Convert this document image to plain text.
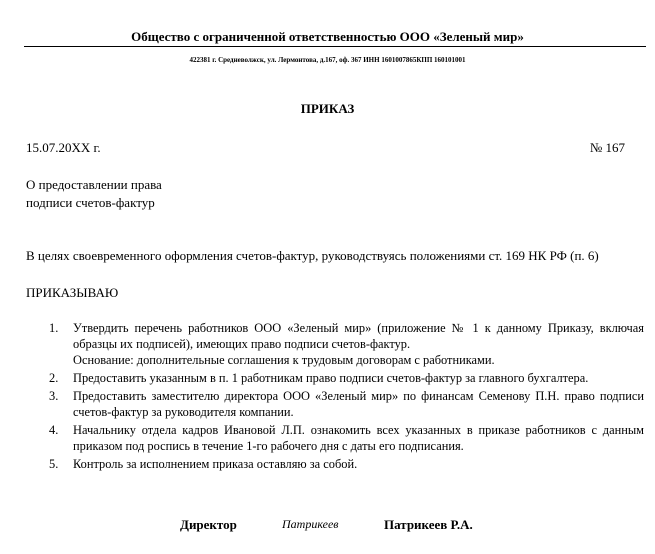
Общество с ограниченной ответственностью ООО «Зеленый мир»
422381 г. Средневолжск, ул. Лермонтова, д.167, оф. 367 ИНН 1601007865КПП 160101001
ПРИКАЗ
15.07.20ХХ г.	№ 167
О предоставлении права
подписи счетов-фактур
В целях своевременного оформления счетов-фактур, руководствуясь положениями ст. 169 НК РФ (п. 6)
ПРИКАЗЫВАЮ
1. Утвердить перечень работников ООО «Зеленый мир» (приложение № 1 к данному Приказу, включая образцы их подписей), имеющих право подписи счетов-фактур.
Основание: дополнительные соглашения к трудовым договорам с работниками.
2. Предоставить указанным в п. 1 работникам право подписи счетов-фактур за главного бухгалтера.
3. Предоставить заместителю директора ООО «Зеленый мир» по финансам Семенову П.Н. право подписи счетов-фактур за руководителя компании.
4. Начальнику отдела кадров Ивановой Л.П. ознакомить всех указанных в приказе работников с данным приказом под роспись в течение 1-го рабочего дня с даты его подписания.
5. Контроль за исполнением приказа оставляю за собой.
Директор	Патрикеев	Патрикеев Р.А.
